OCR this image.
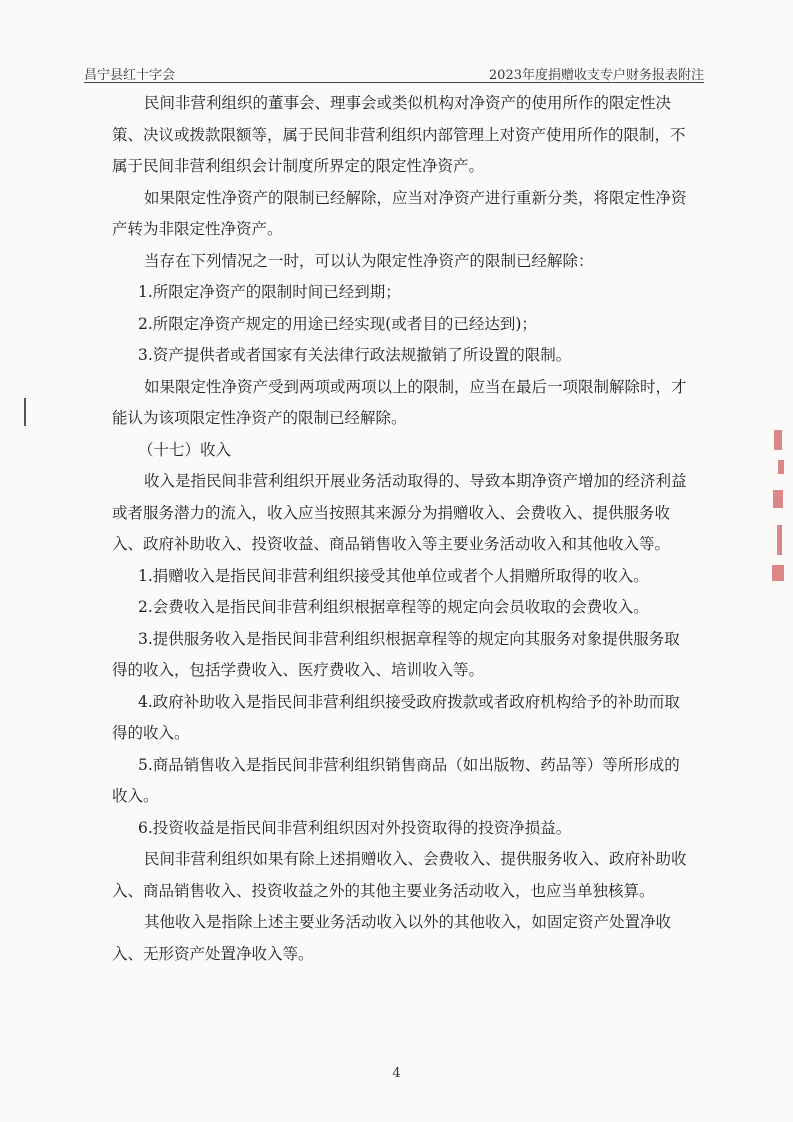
昌宁县红十字会	2023年度捐赠收支专户财务报表附注

民间非营利组织的董事会、理事会或类似机构对净资产的使用所作的限定性决策、决议或拨款限额等，属于民间非营利组织内部管理上对资产使用所作的限制，不属于民间非营利组织会计制度所界定的限定性净资产。

如果限定性净资产的限制已经解除，应当对净资产进行重新分类，将限定性净资产转为非限定性净资产。

当存在下列情况之一时，可以认为限定性净资产的限制已经解除：

1.所限定净资产的限制时间已经到期；

2.所限定净资产规定的用途已经实现(或者目的已经达到)；

3.资产提供者或者国家有关法律行政法规撤销了所设置的限制。

如果限定性净资产受到两项或两项以上的限制，应当在最后一项限制解除时，才能认为该项限定性净资产的限制已经解除。

（十七）收入

收入是指民间非营利组织开展业务活动取得的、导致本期净资产增加的经济利益或者服务潜力的流入，收入应当按照其来源分为捐赠收入、会费收入、提供服务收入、政府补助收入、投资收益、商品销售收入等主要业务活动收入和其他收入等。

1.捐赠收入是指民间非营利组织接受其他单位或者个人捐赠所取得的收入。

2.会费收入是指民间非营利组织根据章程等的规定向会员收取的会费收入。

3.提供服务收入是指民间非营利组织根据章程等的规定向其服务对象提供服务取得的收入，包括学费收入、医疗费收入、培训收入等。

4.政府补助收入是指民间非营利组织接受政府拨款或者政府机构给予的补助而取得的收入。

5.商品销售收入是指民间非营利组织销售商品（如出版物、药品等）等所形成的收入。

6.投资收益是指民间非营利组织因对外投资取得的投资净损益。

民间非营利组织如果有除上述捐赠收入、会费收入、提供服务收入、政府补助收入、商品销售收入、投资收益之外的其他主要业务活动收入，也应当单独核算。

其他收入是指除上述主要业务活动收入以外的其他收入，如固定资产处置净收入、无形资产处置净收入等。

4
